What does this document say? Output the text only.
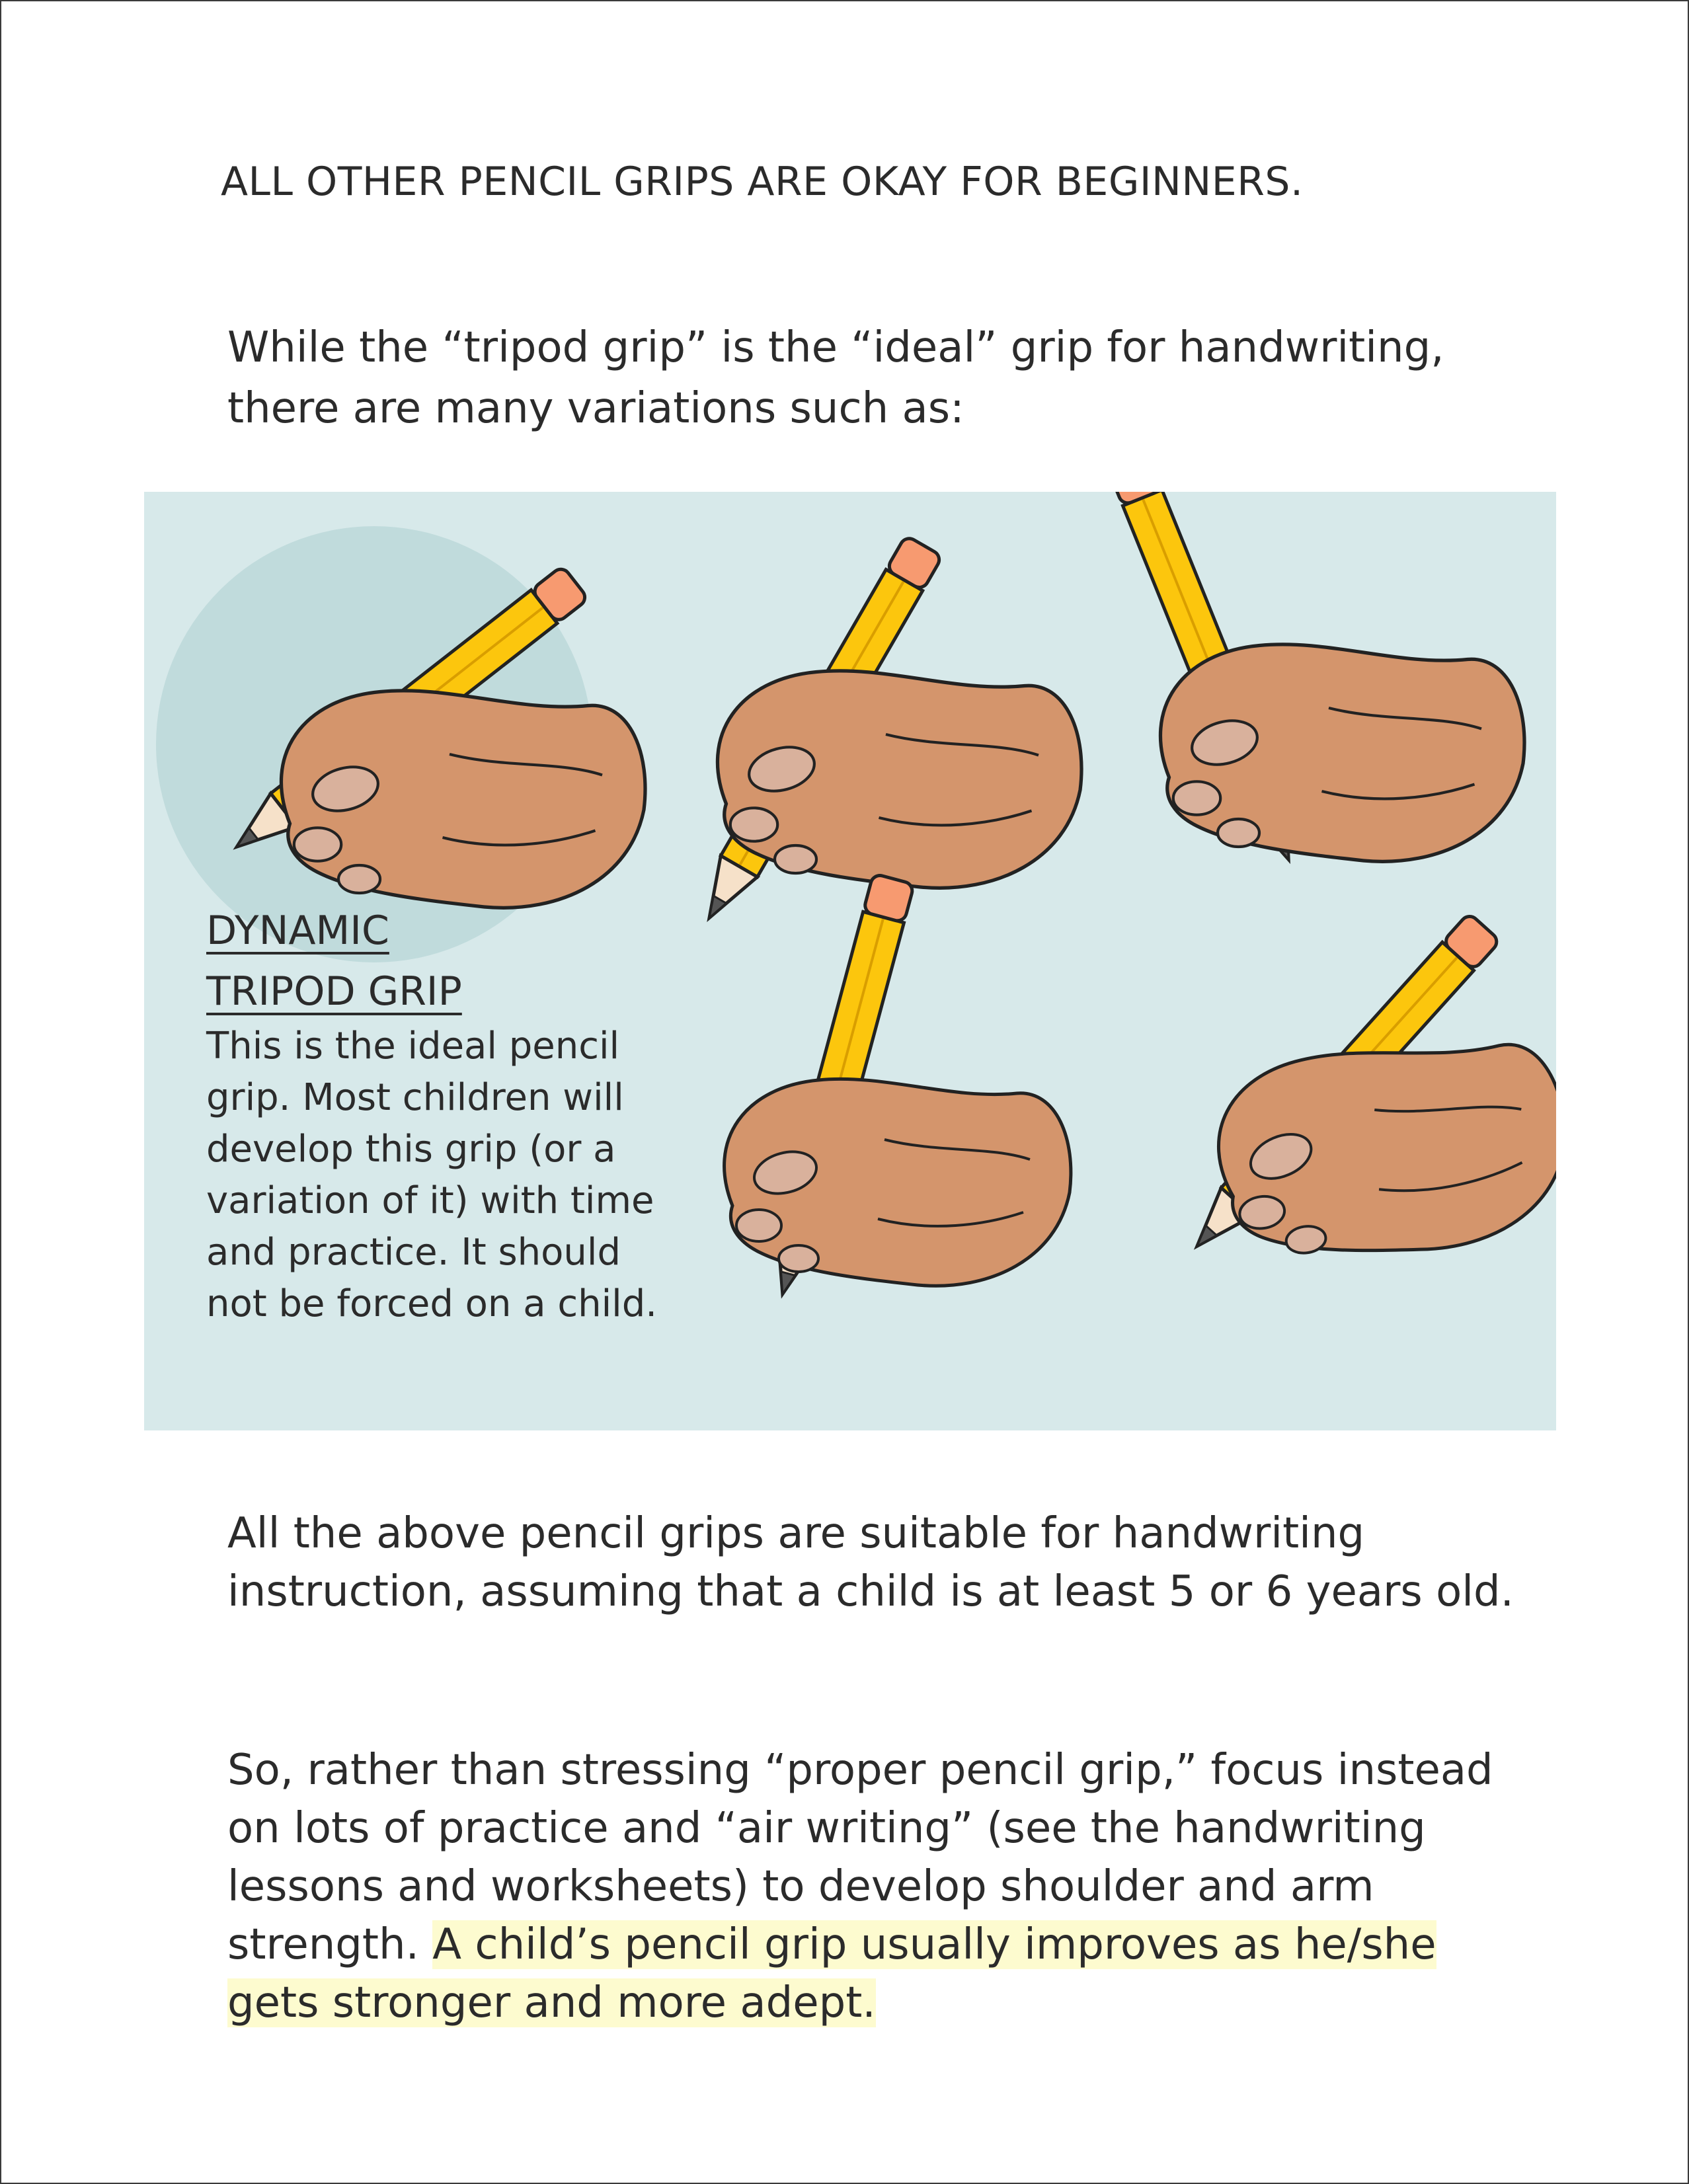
ALL OTHER PENCIL GRIPS ARE OKAY FOR BEGINNERS.
While the “tripod grip” is the “ideal” grip for handwriting, there are many variations such as:
DYNAMIC
TRIPOD GRIP
This is the ideal pencil grip. Most children will develop this grip (or a variation of it) with time and practice. It should not be forced on a child.
All the above pencil grips are suitable for handwriting instruction, assuming that a child is at least 5 or 6 years old.
So, rather than stressing “proper pencil grip,” focus instead on lots of practice and “air writing” (see the handwriting lessons and worksheets) to develop shoulder and arm strength. A child’s pencil grip usually improves as he/she gets stronger and more adept.
